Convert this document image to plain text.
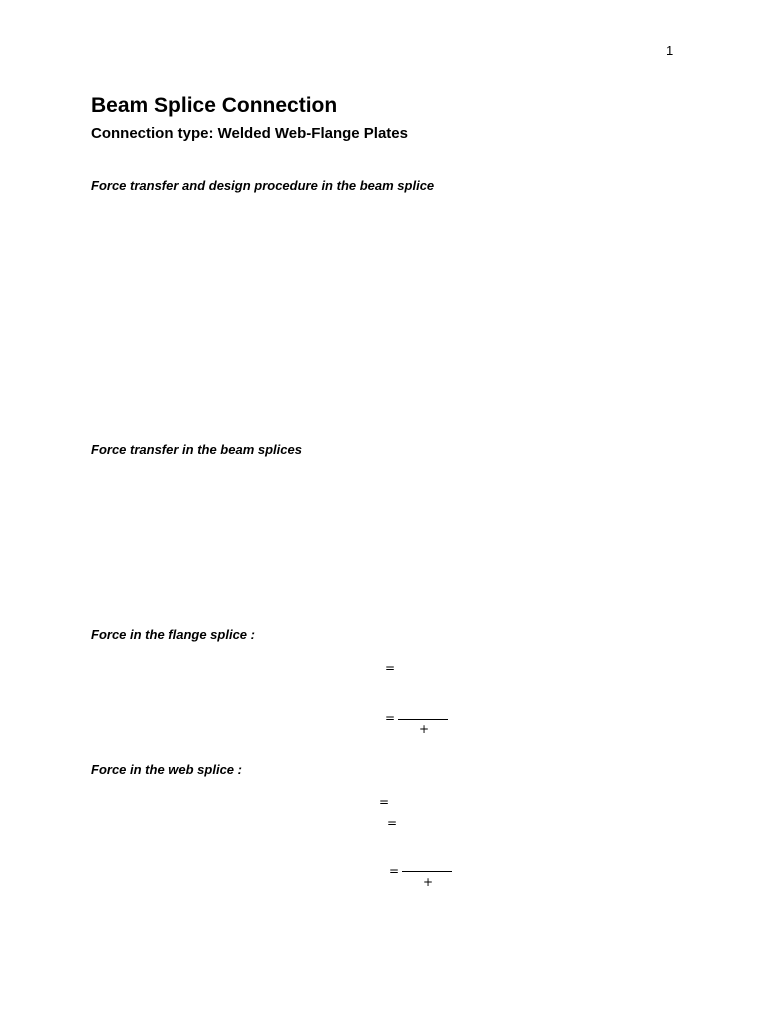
1
Beam Splice Connection
Connection type: Welded Web-Flange Plates
Force transfer and design procedure in the beam splice
Force transfer in the beam splices
Force in the flange splice :
=
=
+
Force in the web splice :
=
=
=
+
